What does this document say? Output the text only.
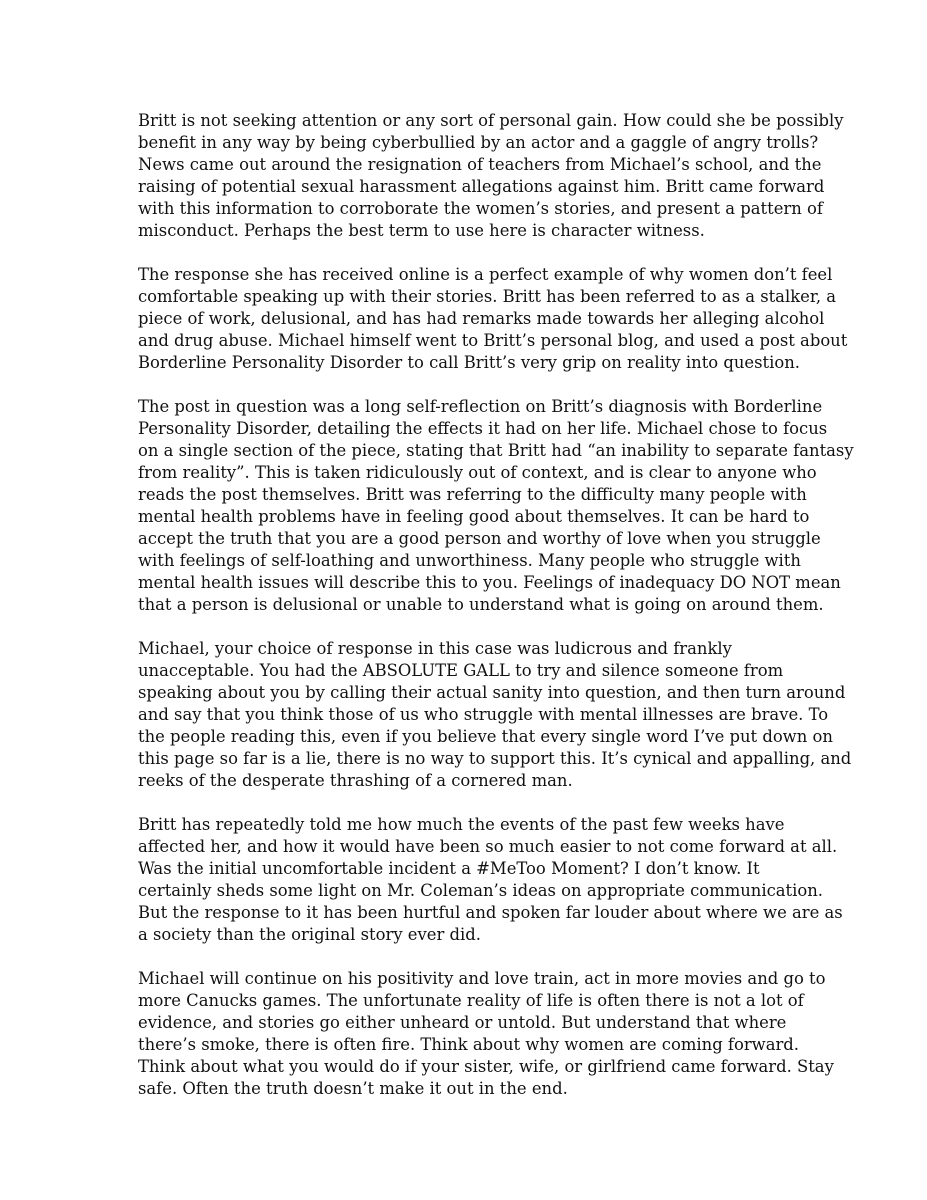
Britt is not seeking attention or any sort of personal gain. How could she be possibly
benefit in any way by being cyberbullied by an actor and a gaggle of angry trolls?
News came out around the resignation of teachers from Michael’s school, and the
raising of potential sexual harassment allegations against him. Britt came forward
with this information to corroborate the women’s stories, and present a pattern of
misconduct. Perhaps the best term to use here is character witness.

The response she has received online is a perfect example of why women don’t feel
comfortable speaking up with their stories. Britt has been referred to as a stalker, a
piece of work, delusional, and has had remarks made towards her alleging alcohol
and drug abuse. Michael himself went to Britt’s personal blog, and used a post about
Borderline Personality Disorder to call Britt’s very grip on reality into question.

The post in question was a long self-reflection on Britt’s diagnosis with Borderline
Personality Disorder, detailing the effects it had on her life. Michael chose to focus
on a single section of the piece, stating that Britt had “an inability to separate fantasy
from reality”. This is taken ridiculously out of context, and is clear to anyone who
reads the post themselves. Britt was referring to the difficulty many people with
mental health problems have in feeling good about themselves. It can be hard to
accept the truth that you are a good person and worthy of love when you struggle
with feelings of self-loathing and unworthiness. Many people who struggle with
mental health issues will describe this to you. Feelings of inadequacy DO NOT mean
that a person is delusional or unable to understand what is going on around them.

Michael, your choice of response in this case was ludicrous and frankly
unacceptable. You had the ABSOLUTE GALL to try and silence someone from
speaking about you by calling their actual sanity into question, and then turn around
and say that you think those of us who struggle with mental illnesses are brave. To
the people reading this, even if you believe that every single word I’ve put down on
this page so far is a lie, there is no way to support this. It’s cynical and appalling, and
reeks of the desperate thrashing of a cornered man.

Britt has repeatedly told me how much the events of the past few weeks have
affected her, and how it would have been so much easier to not come forward at all.
Was the initial uncomfortable incident a #MeToo Moment? I don’t know. It
certainly sheds some light on Mr. Coleman’s ideas on appropriate communication.
But the response to it has been hurtful and spoken far louder about where we are as
a society than the original story ever did.

Michael will continue on his positivity and love train, act in more movies and go to
more Canucks games. The unfortunate reality of life is often there is not a lot of
evidence, and stories go either unheard or untold. But understand that where
there’s smoke, there is often fire. Think about why women are coming forward.
Think about what you would do if your sister, wife, or girlfriend came forward. Stay
safe. Often the truth doesn’t make it out in the end.
